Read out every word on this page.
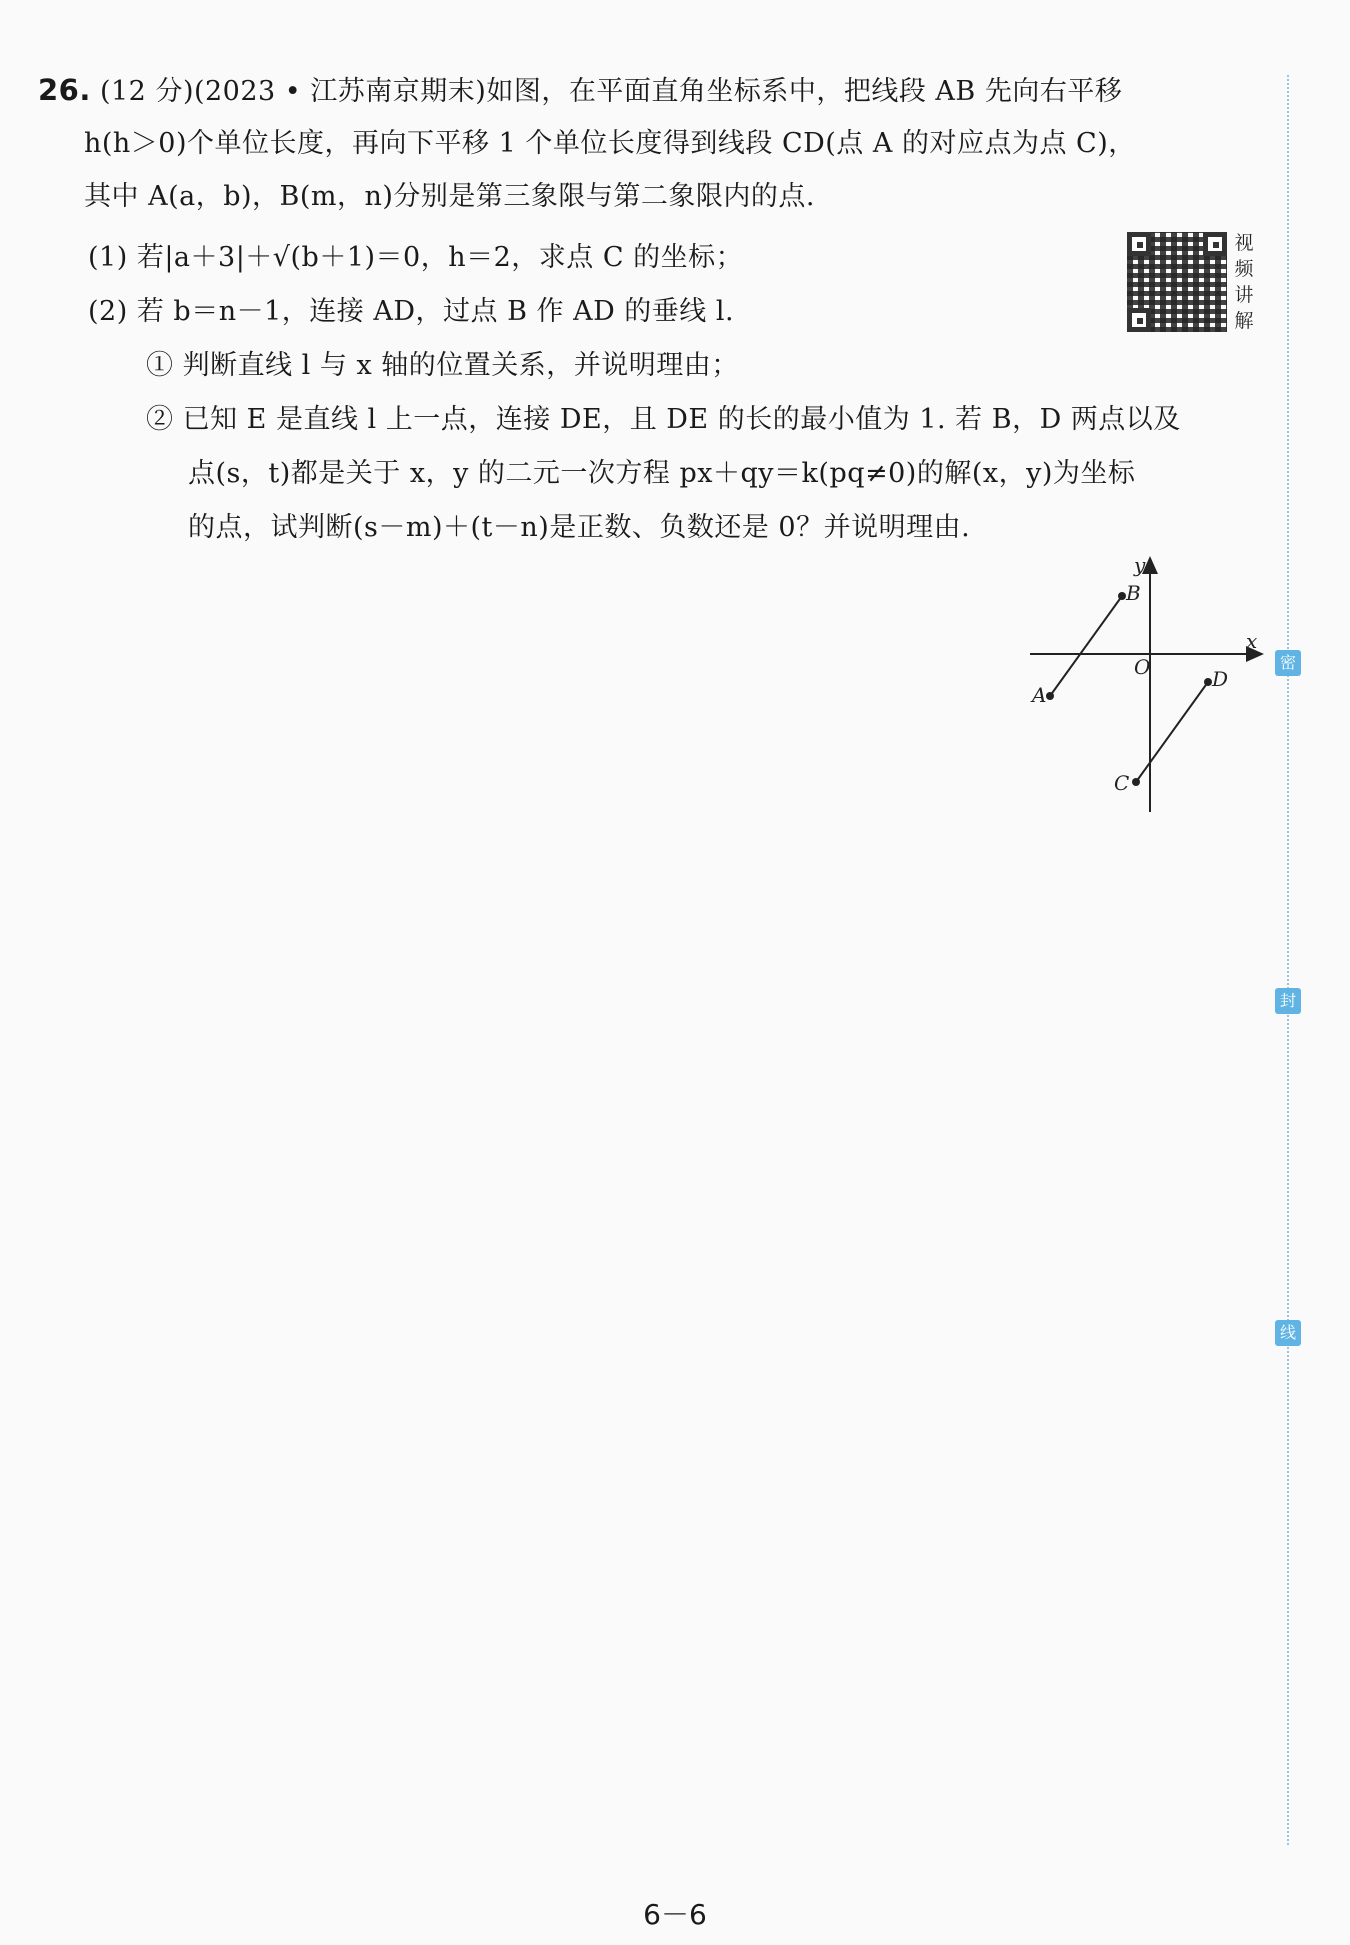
26. (12 分)(2023 • 江苏南京期末)如图，在平面直角坐标系中，把线段 AB 先向右平移
h(h＞0)个单位长度，再向下平移 1 个单位长度得到线段 CD(点 A 的对应点为点 C)，
其中 A(a，b)，B(m，n)分别是第三象限与第二象限内的点.
(1) 若|a＋3|＋√(b＋1)＝0，h＝2，求点 C 的坐标；
(2) 若 b＝n－1，连接 AD，过点 B 作 AD 的垂线 l.
① 判断直线 l 与 x 轴的位置关系，并说明理由；
② 已知 E 是直线 l 上一点，连接 DE，且 DE 的长的最小值为 1. 若 B，D 两点以及
点(s，t)都是关于 x，y 的二元一次方程 px＋qy＝k(pq≠0)的解(x，y)为坐标
的点，试判断(s－m)＋(t－n)是正数、负数还是 0？并说明理由.
视
频
讲
解
x
y
O
A
B
C
D
密
封
线
6－6
